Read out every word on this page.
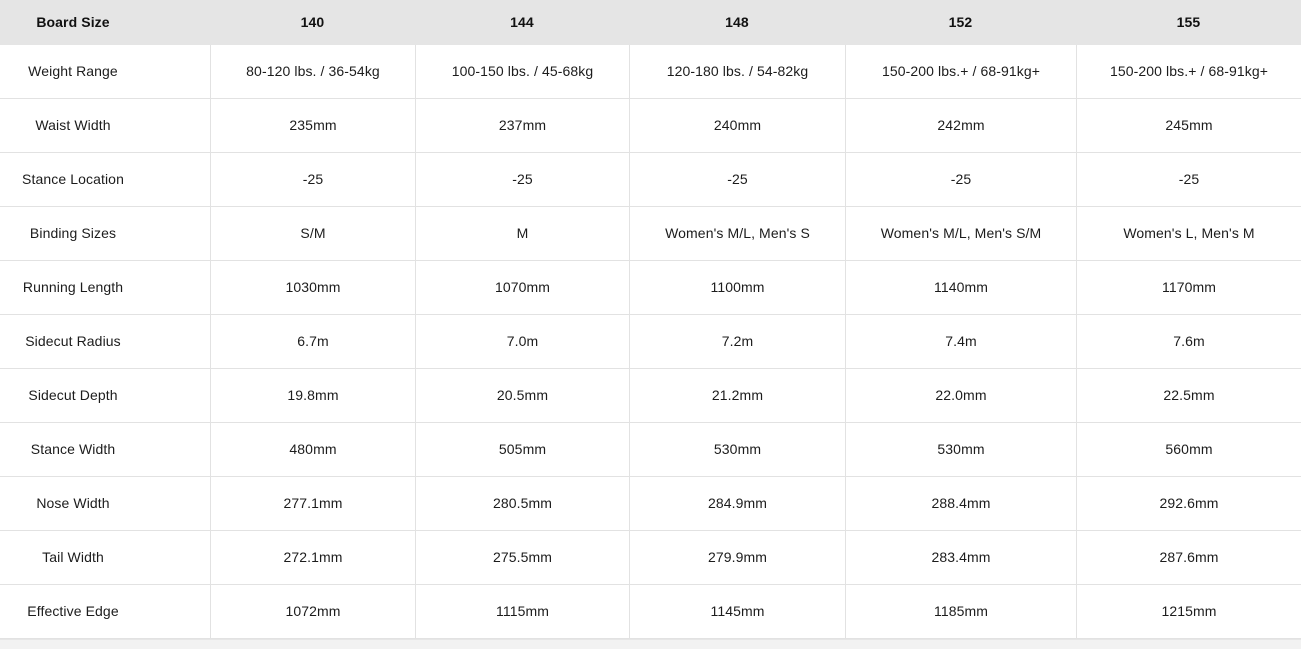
Board Size	140	144	148	152	155
Weight Range	80-120 lbs. / 36-54kg	100-150 lbs. / 45-68kg	120-180 lbs. / 54-82kg	150-200 lbs.+ / 68-91kg+	150-200 lbs.+ / 68-91kg+
Waist Width	235mm	237mm	240mm	242mm	245mm
Stance Location	-25	-25	-25	-25	-25
Binding Sizes	S/M	M	Women's M/L, Men's S	Women's M/L, Men's S/M	Women's L, Men's M
Running Length	1030mm	1070mm	1100mm	1140mm	1170mm
Sidecut Radius	6.7m	7.0m	7.2m	7.4m	7.6m
Sidecut Depth	19.8mm	20.5mm	21.2mm	22.0mm	22.5mm
Stance Width	480mm	505mm	530mm	530mm	560mm
Nose Width	277.1mm	280.5mm	284.9mm	288.4mm	292.6mm
Tail Width	272.1mm	275.5mm	279.9mm	283.4mm	287.6mm
Effective Edge	1072mm	1115mm	1145mm	1185mm	1215mm
